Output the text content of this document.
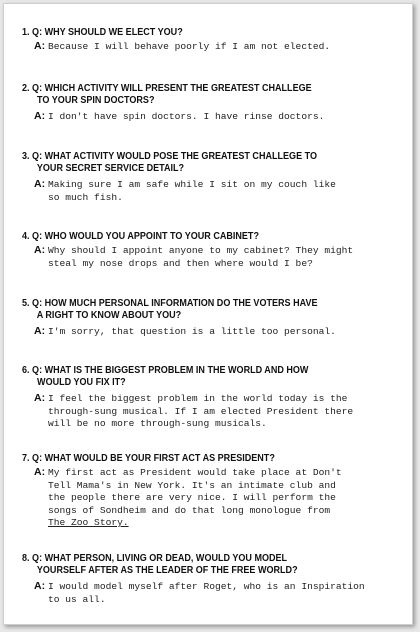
1. Q: WHY SHOULD WE ELECT YOU?

A: Because I will behave poorly if I am not elected.

2. Q: WHICH ACTIVITY WILL PRESENT THE GREATEST CHALLEGE
TO YOUR SPIN DOCTORS?

A: I don't have spin doctors. I have rinse doctors.

3. Q: WHAT ACTIVITY WOULD POSE THE GREATEST CHALLEGE TO
YOUR SECRET SERVICE DETAIL?

A: Making sure I am safe while I sit on my couch like
so much fish.

4. Q: WHO WOULD YOU APPOINT TO YOUR CABINET?

A: Why should I appoint anyone to my cabinet? They might
steal my nose drops and then where would I be?

5. Q: HOW MUCH PERSONAL INFORMATION DO THE VOTERS HAVE
A RIGHT TO KNOW ABOUT YOU?

A: I'm sorry, that question is a little too personal.

6. Q: WHAT IS THE BIGGEST PROBLEM IN THE WORLD AND HOW
WOULD YOU FIX IT?

A: I feel the biggest problem in the world today is the
through-sung musical. If I am elected President there
will be no more through-sung musicals.

7. Q: WHAT WOULD BE YOUR FIRST ACT AS PRESIDENT?

A: My first act as President would take place at Don't
Tell Mama's in New York. It's an intimate club and
the people there are very nice. I will perform the
songs of Sondheim and do that long monologue from
The Zoo Story.

8. Q: WHAT PERSON, LIVING OR DEAD, WOULD YOU MODEL
YOURSELF AFTER AS THE LEADER OF THE FREE WORLD?

A: I would model myself after Roget, who is an Inspiration
to us all.
